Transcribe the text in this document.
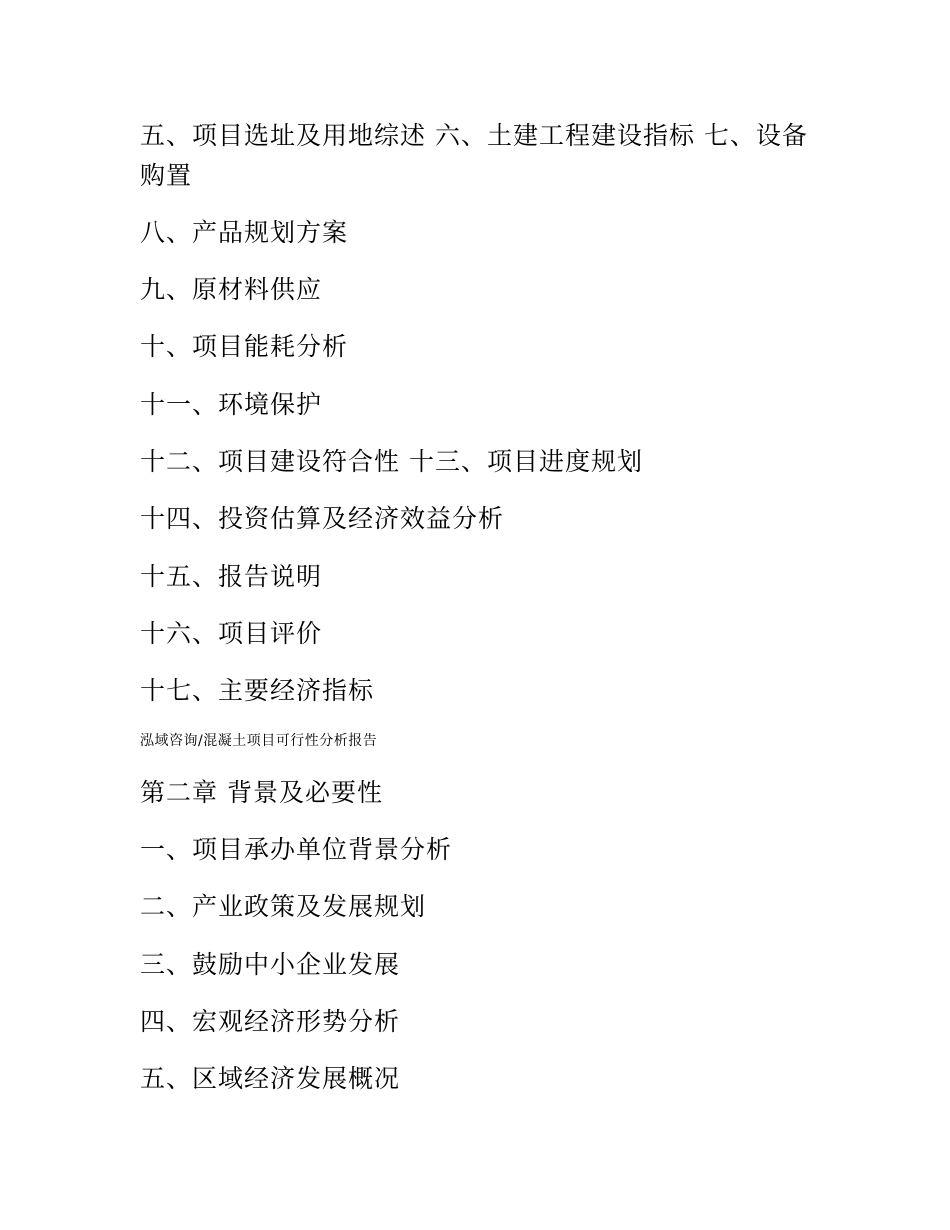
五、项目选址及用地综述 六、土建工程建设指标 七、设备购置
八、产品规划方案
九、原材料供应
十、项目能耗分析
十一、环境保护
十二、项目建设符合性 十三、项目进度规划
十四、投资估算及经济效益分析
十五、报告说明
十六、项目评价
十七、主要经济指标
泓域咨询/混凝土项目可行性分析报告
第二章 背景及必要性
一、项目承办单位背景分析
二、产业政策及发展规划
三、鼓励中小企业发展
四、宏观经济形势分析
五、区域经济发展概况
